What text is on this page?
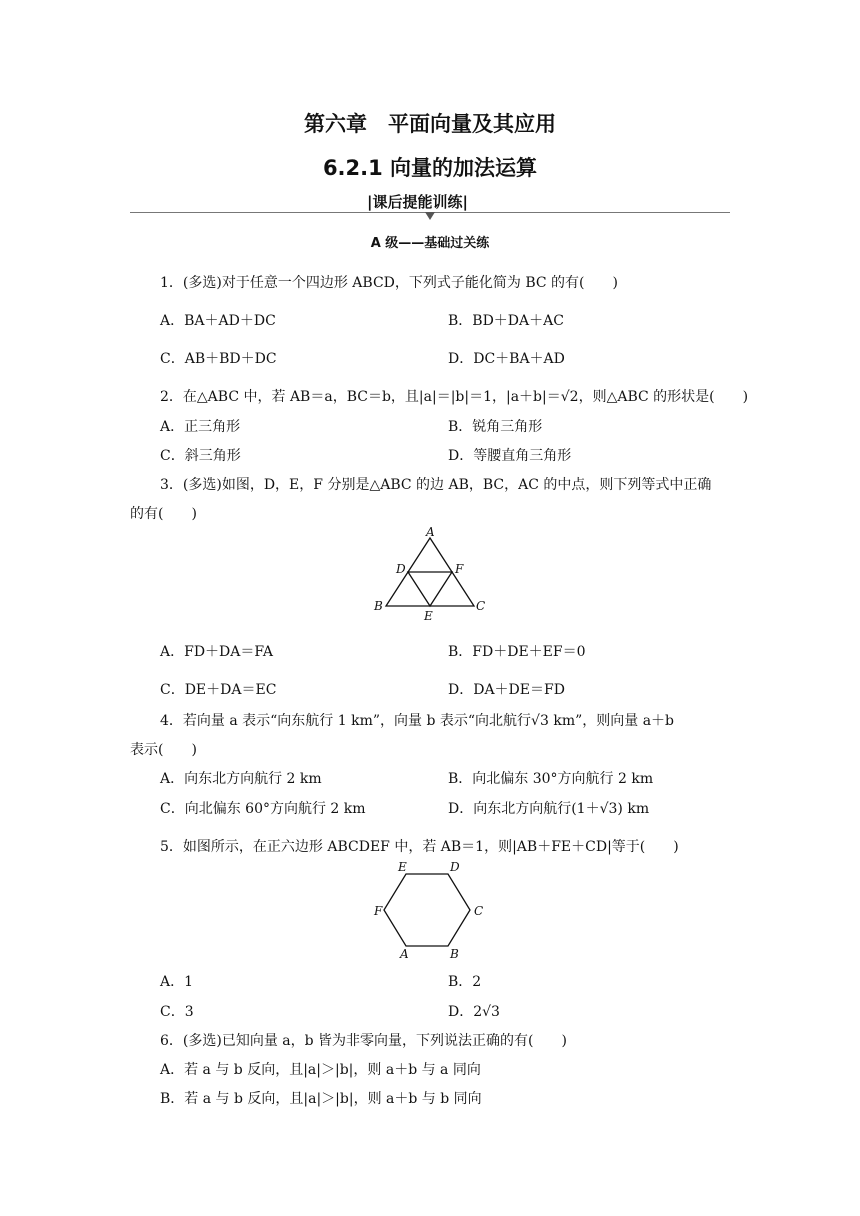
第六章　平面向量及其应用
6.2.1 向量的加法运算
|课后提能训练|
A 级——基础过关练
1．(多选)对于任意一个四边形 ABCD，下列式子能化简为 BC 的有(　　)
A．BA＋AD＋DC	B．BD＋DA＋AC
C．AB＋BD＋DC	D．DC＋BA＋AD
2．在△ABC 中，若 AB＝a，BC＝b，且|a|＝|b|＝1，|a＋b|＝√2，则△ABC 的形状是(　　)
A．正三角形	B．锐角三角形
C．斜三角形	D．等腰直角三角形
3．(多选)如图，D，E，F 分别是△ABC 的边 AB，BC，AC 的中点，则下列等式中正确
的有(　　)
A
B	C
D
E
F
A．FD＋DA＝FA	B．FD＋DE＋EF＝0
C．DE＋DA＝EC	D．DA＋DE＝FD
4．若向量 a 表示“向东航行 1 km”，向量 b 表示“向北航行√3 km”，则向量 a＋b
表示(　　)
A．向东北方向航行 2 km	B．向北偏东 30°方向航行 2 km
C．向北偏东 60°方向航行 2 km	D．向东北方向航行(1＋√3) km
5．如图所示，在正六边形 ABCDEF 中，若 AB＝1，则|AB＋FE＋CD|等于(　　)
A	B
C
D
E
F
A．1	B．2
C．3	D．2√3
6．(多选)已知向量 a，b 皆为非零向量，下列说法正确的有(　　)
A．若 a 与 b 反向，且|a|＞|b|，则 a＋b 与 a 同向
B．若 a 与 b 反向，且|a|＞|b|，则 a＋b 与 b 同向
